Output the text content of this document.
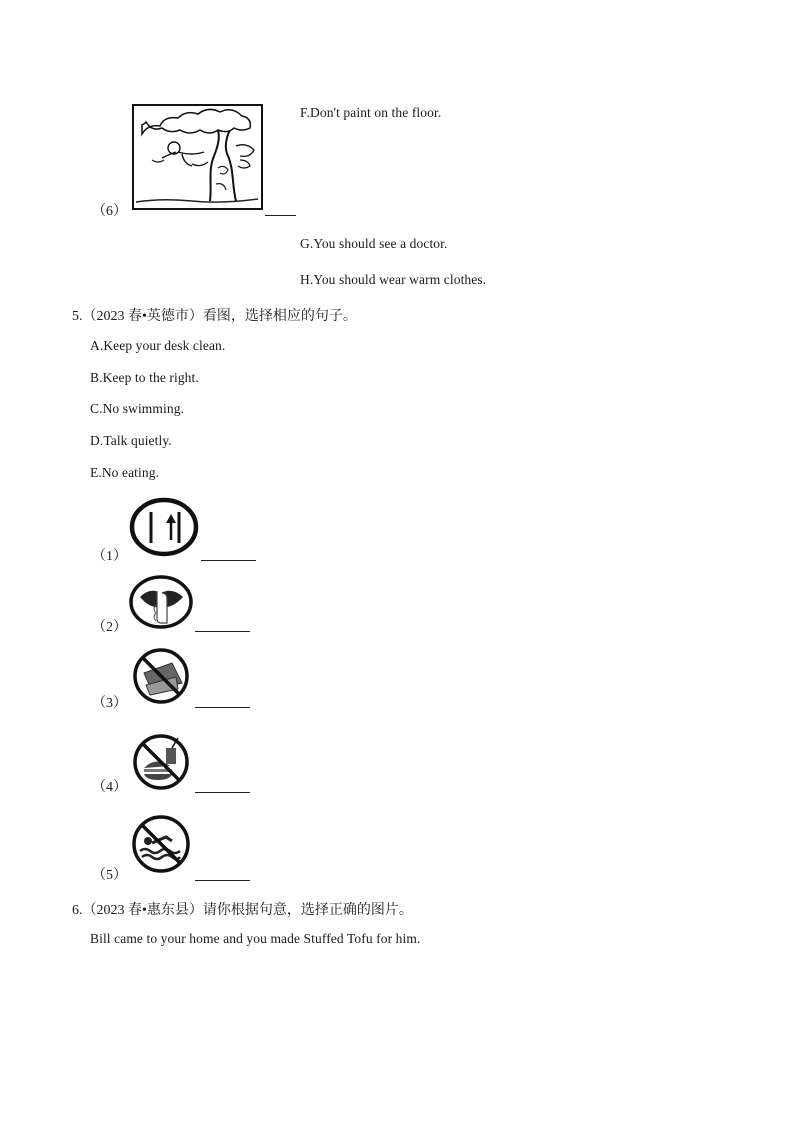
（6）
F.Don't paint on the floor.
G.You should see a doctor.
H.You should wear warm clothes.
5.（2023 春•英德市）看图，选择相应的句子。
A.Keep your desk clean.
B.Keep to the right.
C.No swimming.
D.Talk quietly.
E.No eating.
（1）
（2）
（3）
（4）
（5）
6.（2023 春•惠东县）请你根据句意，选择正确的图片。
Bill came to your home and you made Stuffed Tofu for him.
